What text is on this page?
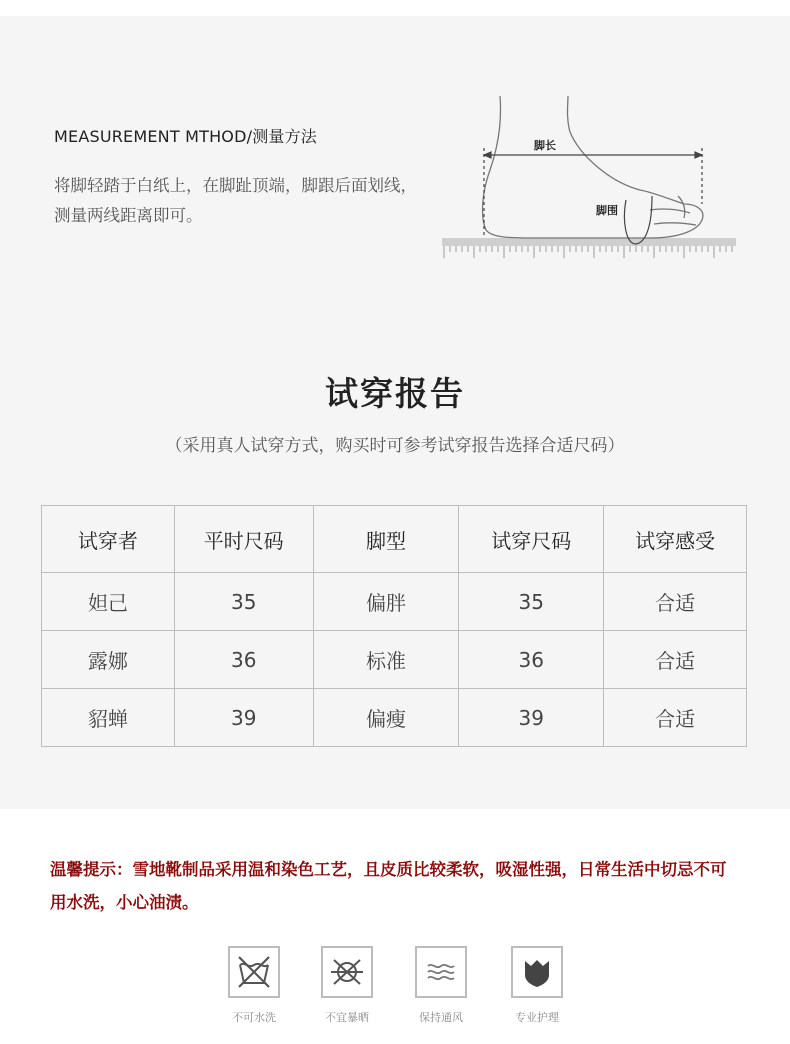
MEASUREMENT MTHOD/测量方法
将脚轻踏于白纸上，在脚趾顶端，脚跟后面划线，测量两线距离即可。
脚长
脚围
试穿报告
（采用真人试穿方式，购买时可参考试穿报告选择合适尺码）
试穿者	平时尺码	脚型	试穿尺码	试穿感受
妲己	35	偏胖	35	合适
露娜	36	标准	36	合适
貂蝉	39	偏瘦	39	合适
温馨提示：雪地靴制品采用温和染色工艺，且皮质比较柔软，吸湿性强，日常生活中切忌不可用水洗，小心油渍。
不可水洗	不宜暴晒	保持通风	专业护理
